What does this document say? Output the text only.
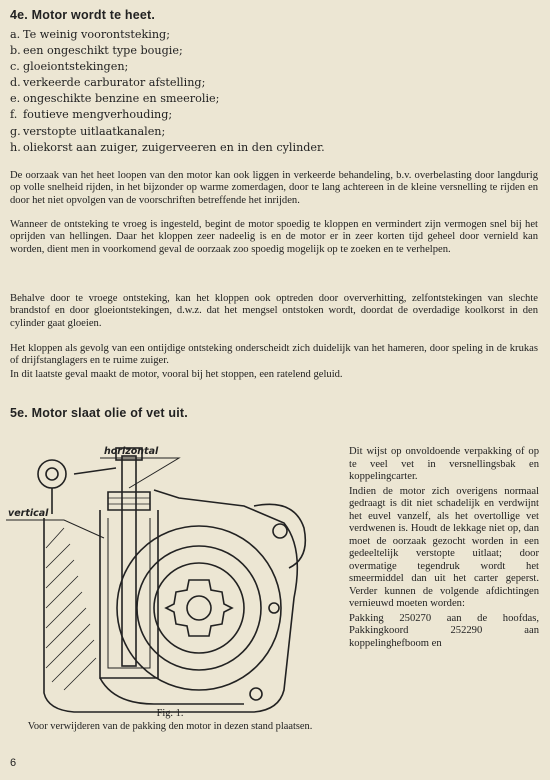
4e. Motor wordt te heet.
a. Te weinig voorontsteking;
b. een ongeschikt type bougie;
c. gloeiontstekingen;
d. verkeerde carburator afstelling;
e. ongeschikte benzine en smeerolie;
f. foutieve mengverhouding;
g. verstopte uitlaatkanalen;
h. oliekorst aan zuiger, zuigerveeren en in den cylinder.

De oorzaak van het heet loopen van den motor kan ook liggen in verkeerde behandeling, b.v. overbelasting door langdurig op volle snelheid rijden, in het bijzonder op warme zomerdagen, door te lang achtereen in de kleine versnelling te rijden en door het niet opvolgen van de voorschriften betreffende het inrijden.

Wanneer de ontsteking te vroeg is ingesteld, begint de motor spoedig te kloppen en vermindert zijn vermogen snel bij het oprijden van hellingen. Daar het kloppen zeer nadeelig is en de motor er in zeer korten tijd geheel door vernield kan worden, dient men in voorkomend geval de oorzaak zoo spoedig mogelijk op te zoeken en te verhelpen.

Behalve door te vroege ontsteking, kan het kloppen ook optreden door oververhitting, zelfontstekingen van slechte brandstof en door gloeiontstekingen, d.w.z. dat het mengsel ontstoken wordt, doordat de overdadige koolkorst in den cylinder gaat gloeien.

Het kloppen als gevolg van een ontijdige ontsteking onderscheidt zich duidelijk van het hameren, door speling in de krukas of drijfstanglagers en te ruime zuiger.

In dit laatste geval maakt de motor, vooral bij het stoppen, een ratelend geluid.

5e. Motor slaat olie of vet uit.
horizontal
vertical
Fig. 1.
Voor verwijderen van de pakking den motor in dezen stand plaatsen.

Dit wijst op onvoldoende verpakking of op te veel vet in versnellingsbak en koppelingcarter.

Indien de motor zich overigens normaal gedraagt is dit niet schadelijk en verdwijnt het euvel vanzelf, als het overtollige vet verdwenen is. Houdt de lekkage niet op, dan moet de oorzaak gezocht worden in een gedeeltelijk verstopte uitlaat; door overmatige tegendruk wordt het smeermiddel dan uit het carter geperst. Verder kunnen de volgende afdichtingen vernieuwd moeten worden:

Pakking 250270 aan de hoofdas, Pakkingkoord 252290 aan koppelinghefboom en

6
